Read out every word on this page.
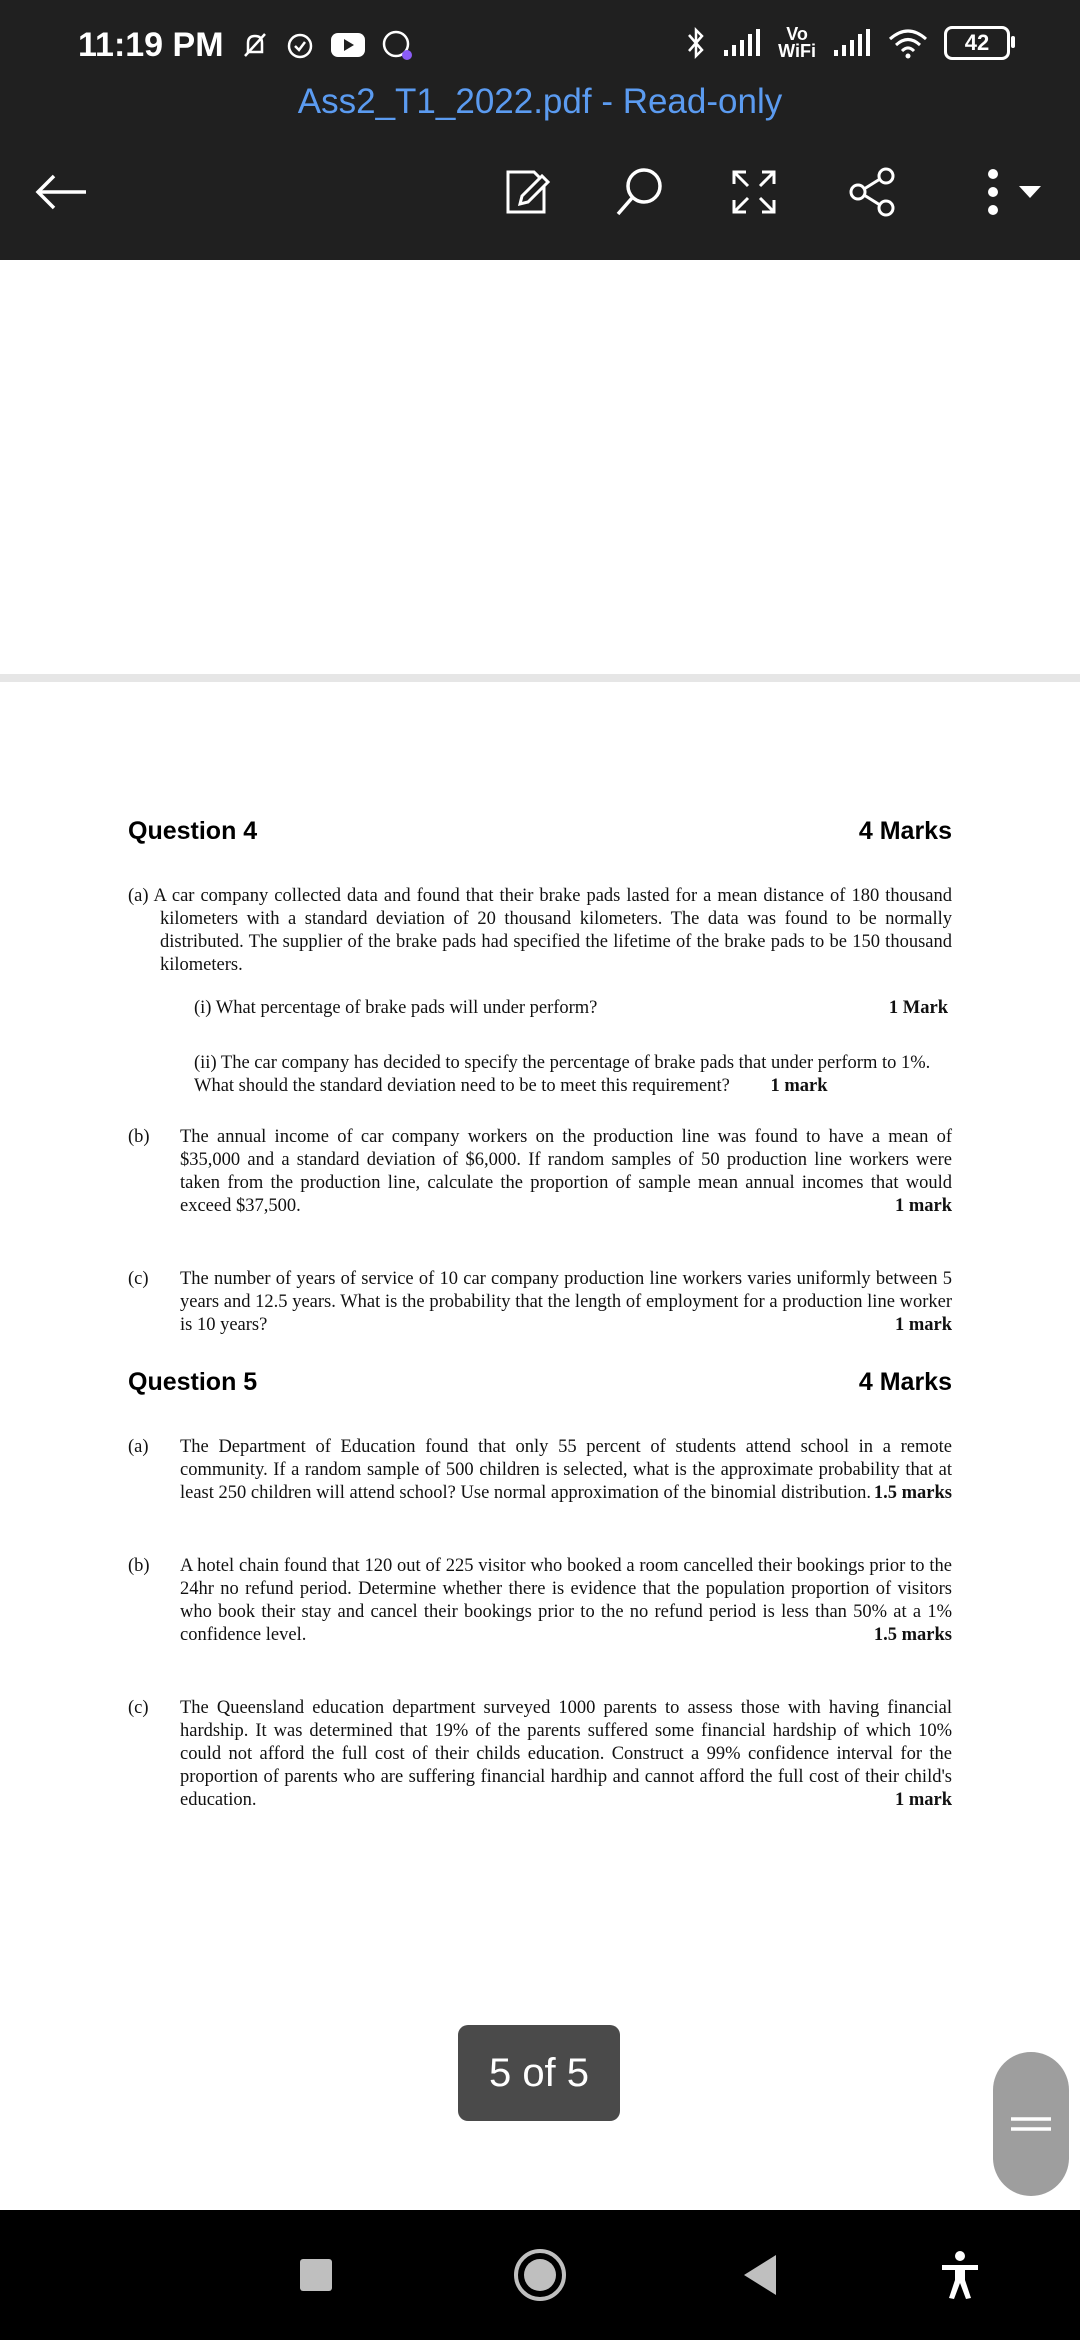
11:19 PM	Vo
WiFi	42
Ass2_T1_2022.pdf - Read-only
Question 4	4 Marks
(a) A car company collected data and found that their brake pads lasted for a mean distance of 180 thousand kilometers with a standard deviation of 20 thousand kilometers. The data was found to be normally distributed. The supplier of the brake pads had specified the lifetime of the brake pads to be 150 thousand kilometers.
(i) What percentage of brake pads will under perform?	1 Mark
(ii) The car company has decided to specify the percentage of brake pads that under perform to 1%. What should the standard deviation need to be to meet this requirement? 1 mark
(b)	The annual income of car company workers on the production line was found to have a mean of $35,000 and a standard deviation of $6,000. If random samples of 50 production line workers were taken from the production line, calculate the proportion of sample mean annual incomes that would exceed $37,500.	1 mark
(c)	The number of years of service of 10 car company production line workers varies uniformly between 5 years and 12.5 years. What is the probability that the length of employment for a production line worker is 10 years?	1 mark
Question 5	4 Marks
(a)	The Department of Education found that only 55 percent of students attend school in a remote community. If a random sample of 500 children is selected, what is the approximate probability that at least 250 children will attend school? Use normal approximation of the binomial distribution. 1.5 marks
(b)	A hotel chain found that 120 out of 225 visitor who booked a room cancelled their bookings prior to the 24hr no refund period. Determine whether there is evidence that the population proportion of visitors who book their stay and cancel their bookings prior to the no refund period is less than 50% at a 1% confidence level.	1.5 marks
(c)	The Queensland education department surveyed 1000 parents to assess those with having financial hardship. It was determined that 19% of the parents suffered some financial hardship of which 10% could not afford the full cost of their childs education. Construct a 99% confidence interval for the proportion of parents who are suffering financial hardhip and cannot afford the full cost of their child's education.	1 mark
5 of 5
